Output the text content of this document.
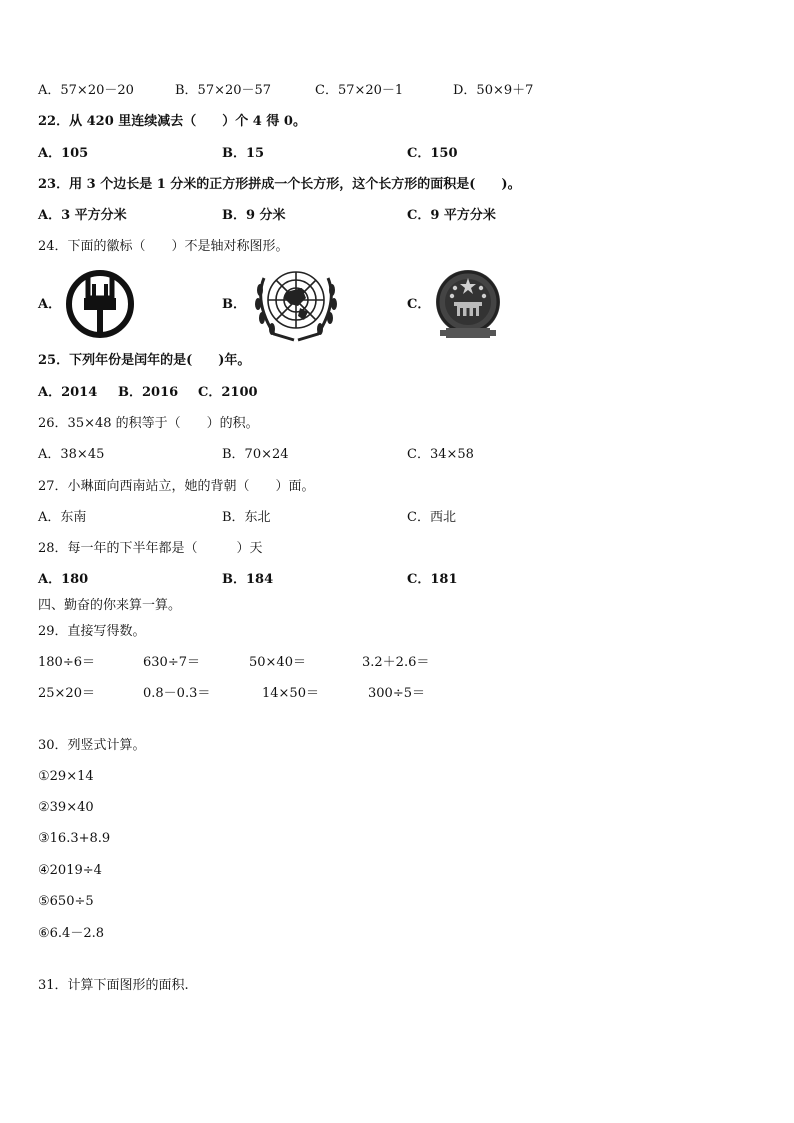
A．57×20－20	B．57×20－57	C．57×20－1	D．50×9＋7
22．从 420 里连续减去（　　）个 4 得 0。
A．105	B．15	C．150
23．用 3 个边长是 1 分米的正方形拼成一个长方形，这个长方形的面积是(　　)。
A．3 平方分米	B．9 分米	C．9 平方分米
24．下面的徽标（　　）不是轴对称图形。
A．	B．	C．
25．下列年份是闰年的是(　　)年。
A．2014 B．2016 C．2100
26．35×48 的积等于（　　）的积。
A．38×45	B．70×24	C．34×58
27．小琳面向西南站立，她的背朝（　　）面。
A．东南	B．东北	C．西北
28．每一年的下半年都是（　　　）天
A．180	B．184	C．181
四、勤奋的你来算一算。
29．直接写得数。
180÷6＝	630÷7＝	50×40＝	3.2＋2.6＝
25×20＝	0.8－0.3＝	14×50＝	300÷5＝
30．列竖式计算。
①29×14
②39×40
③16.3+8.9
④2019÷4
⑤650÷5
⑥6.4－2.8
31．计算下面图形的面积.
